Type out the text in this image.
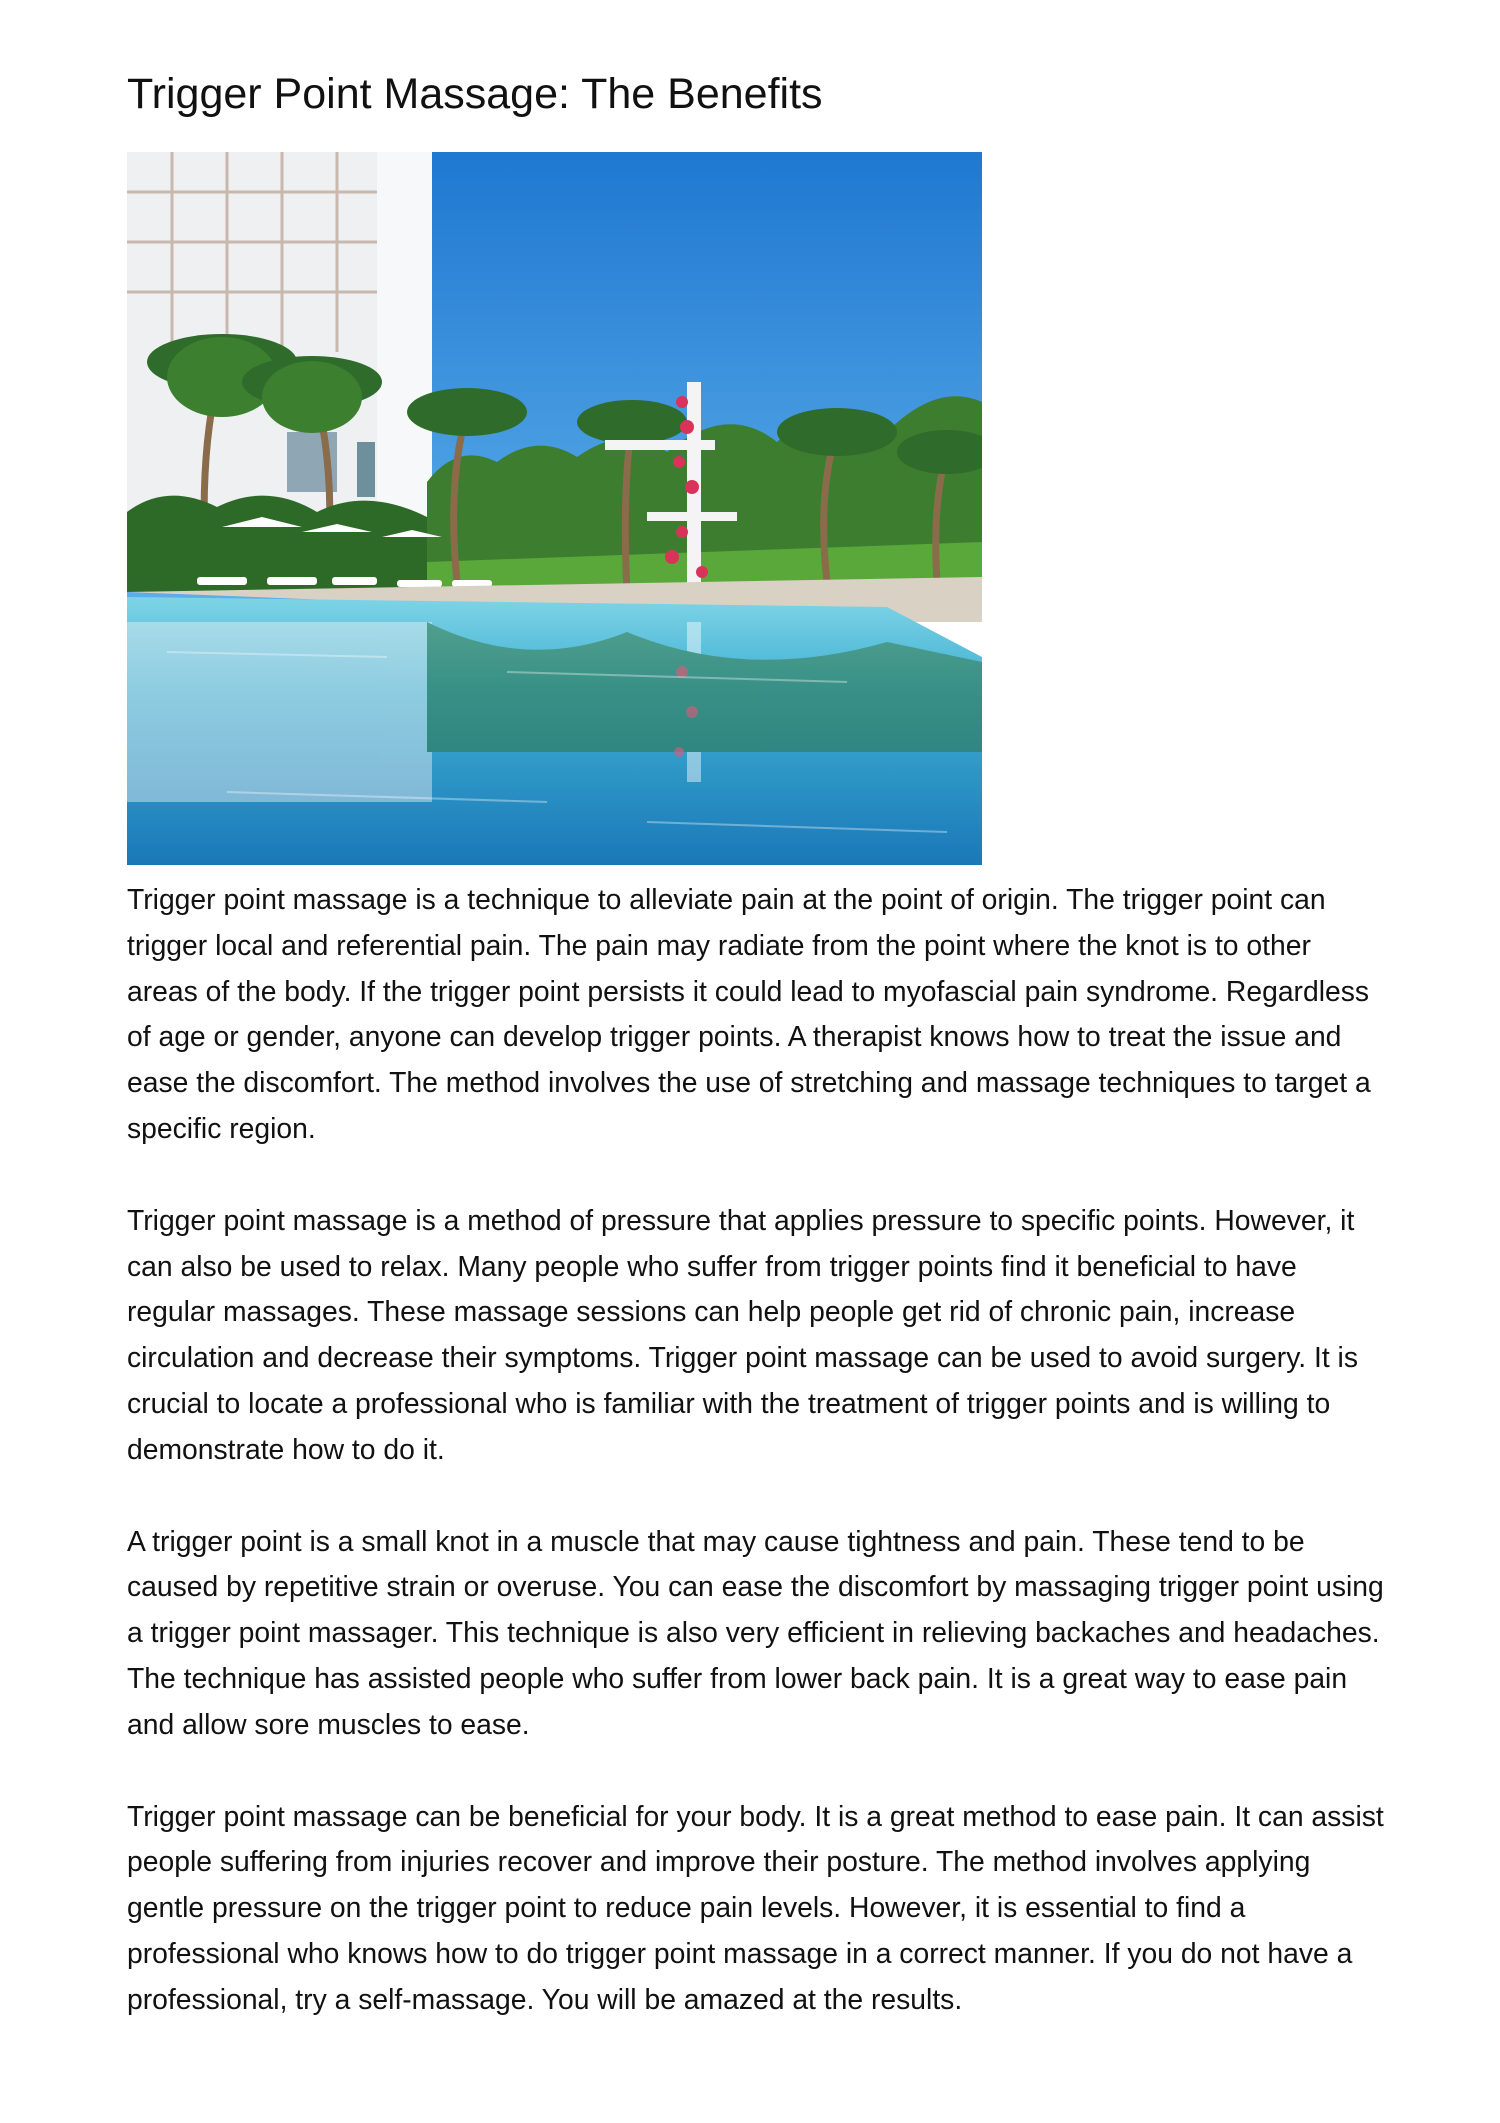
Trigger Point Massage: The Benefits

Trigger point massage is a technique to alleviate pain at the point of origin. The trigger point can trigger local and referential pain. The pain may radiate from the point where the knot is to other areas of the body. If the trigger point persists it could lead to myofascial pain syndrome. Regardless of age or gender, anyone can develop trigger points. A therapist knows how to treat the issue and ease the discomfort. The method involves the use of stretching and massage techniques to target a specific region.

Trigger point massage is a method of pressure that applies pressure to specific points. However, it can also be used to relax. Many people who suffer from trigger points find it beneficial to have regular massages. These massage sessions can help people get rid of chronic pain, increase circulation and decrease their symptoms. Trigger point massage can be used to avoid surgery. It is crucial to locate a professional who is familiar with the treatment of trigger points and is willing to demonstrate how to do it.

A trigger point is a small knot in a muscle that may cause tightness and pain. These tend to be caused by repetitive strain or overuse. You can ease the discomfort by massaging trigger point using a trigger point massager. This technique is also very efficient in relieving backaches and headaches. The technique has assisted people who suffer from lower back pain. It is a great way to ease pain and allow sore muscles to ease.

Trigger point massage can be beneficial for your body. It is a great method to ease pain. It can assist people suffering from injuries recover and improve their posture. The method involves applying gentle pressure on the trigger point to reduce pain levels. However, it is essential to find a professional who knows how to do trigger point massage in a correct manner. If you do not have a professional, try a self-massage. You will be amazed at the results.
